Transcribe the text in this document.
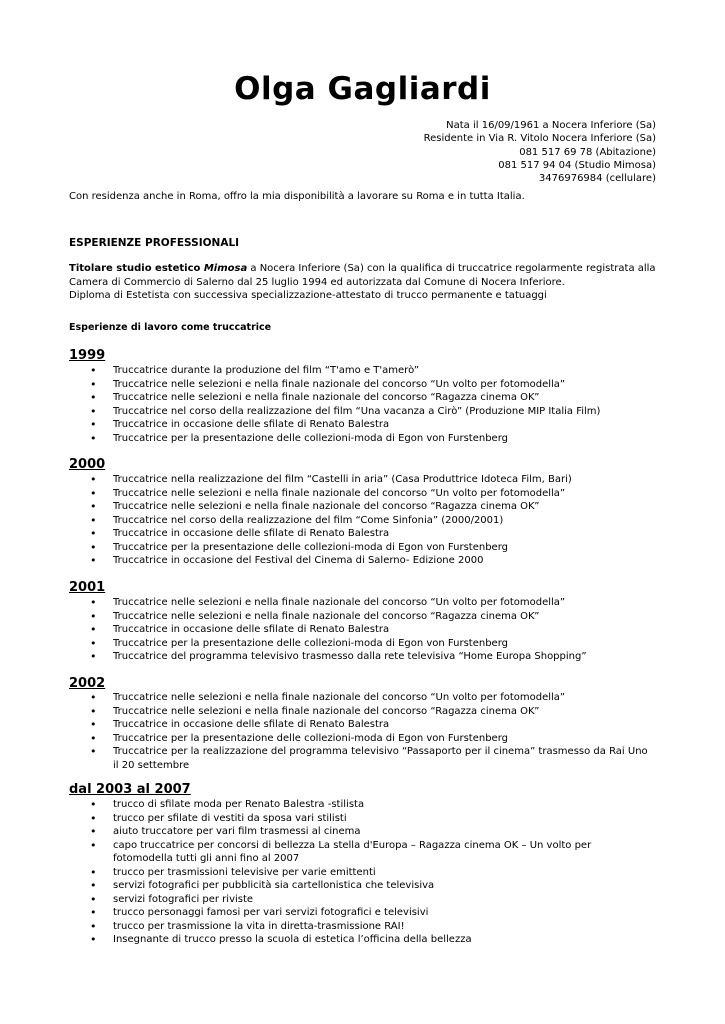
Olga Gagliardi
Nata il 16/09/1961 a Nocera Inferiore (Sa)
Residente in Via R. Vitolo Nocera Inferiore (Sa)
081 517 69 78 (Abitazione)
081 517 94 04 (Studio Mimosa)
3476976984 (cellulare)
Con residenza anche in Roma, offro la mia disponibilità a lavorare su Roma e in tutta Italia.
ESPERIENZE PROFESSIONALI
Titolare studio estetico Mimosa a Nocera Inferiore (Sa) con la qualifica di truccatrice regolarmente registrata alla Camera di Commercio di Salerno dal 25 luglio 1994 ed autorizzata dal Comune di Nocera Inferiore.
Diploma di Estetista con successiva specializzazione-attestato di trucco permanente e tatuaggi
Esperienze di lavoro come truccatrice
1999
• Truccatrice durante la produzione del film “T'amo e T'amerò”
• Truccatrice nelle selezioni e nella finale nazionale del concorso “Un volto per fotomodella”
• Truccatrice nelle selezioni e nella finale nazionale del concorso “Ragazza cinema OK”
• Truccatrice nel corso della realizzazione del film “Una vacanza a Cirò” (Produzione MIP Italia Film)
• Truccatrice in occasione delle sfilate di Renato Balestra
• Truccatrice per la presentazione delle collezioni-moda di Egon von Furstenberg
2000
• Truccatrice nella realizzazione del film “Castelli in aria” (Casa Produttrice Idoteca Film, Bari)
• Truccatrice nelle selezioni e nella finale nazionale del concorso “Un volto per fotomodella”
• Truccatrice nelle selezioni e nella finale nazionale del concorso “Ragazza cinema OK”
• Truccatrice nel corso della realizzazione del film “Come Sinfonia” (2000/2001)
• Truccatrice in occasione delle sfilate di Renato Balestra
• Truccatrice per la presentazione delle collezioni-moda di Egon von Furstenberg
• Truccatrice in occasione del Festival del Cinema di Salerno- Edizione 2000
2001
• Truccatrice nelle selezioni e nella finale nazionale del concorso “Un volto per fotomodella”
• Truccatrice nelle selezioni e nella finale nazionale del concorso “Ragazza cinema OK”
• Truccatrice in occasione delle sfilate di Renato Balestra
• Truccatrice per la presentazione delle collezioni-moda di Egon von Furstenberg
• Truccatrice del programma televisivo trasmesso dalla rete televisiva “Home Europa Shopping”
2002
• Truccatrice nelle selezioni e nella finale nazionale del concorso “Un volto per fotomodella”
• Truccatrice nelle selezioni e nella finale nazionale del concorso “Ragazza cinema OK”
• Truccatrice in occasione delle sfilate di Renato Balestra
• Truccatrice per la presentazione delle collezioni-moda di Egon von Furstenberg
• Truccatrice per la realizzazione del programma televisivo “Passaporto per il cinema” trasmesso da Rai Uno il 20 settembre
dal 2003 al 2007
• trucco di sfilate moda per Renato Balestra -stilista
• trucco per sfilate di vestiti da sposa vari stilisti
• aiuto truccatore per vari film trasmessi al cinema
• capo truccatrice per concorsi di bellezza La stella d'Europa – Ragazza cinema OK – Un volto per fotomodella tutti gli anni fino al 2007
• trucco per trasmissioni televisive per varie emittenti
• servizi fotografici per pubblicità sia cartellonistica che televisiva
• servizi fotografici per riviste
• trucco personaggi famosi per vari servizi fotografici e televisivi
• trucco per trasmissione la vita in diretta-trasmissione RAI!
• Insegnante di trucco presso la scuola di estetica l’officina della bellezza
